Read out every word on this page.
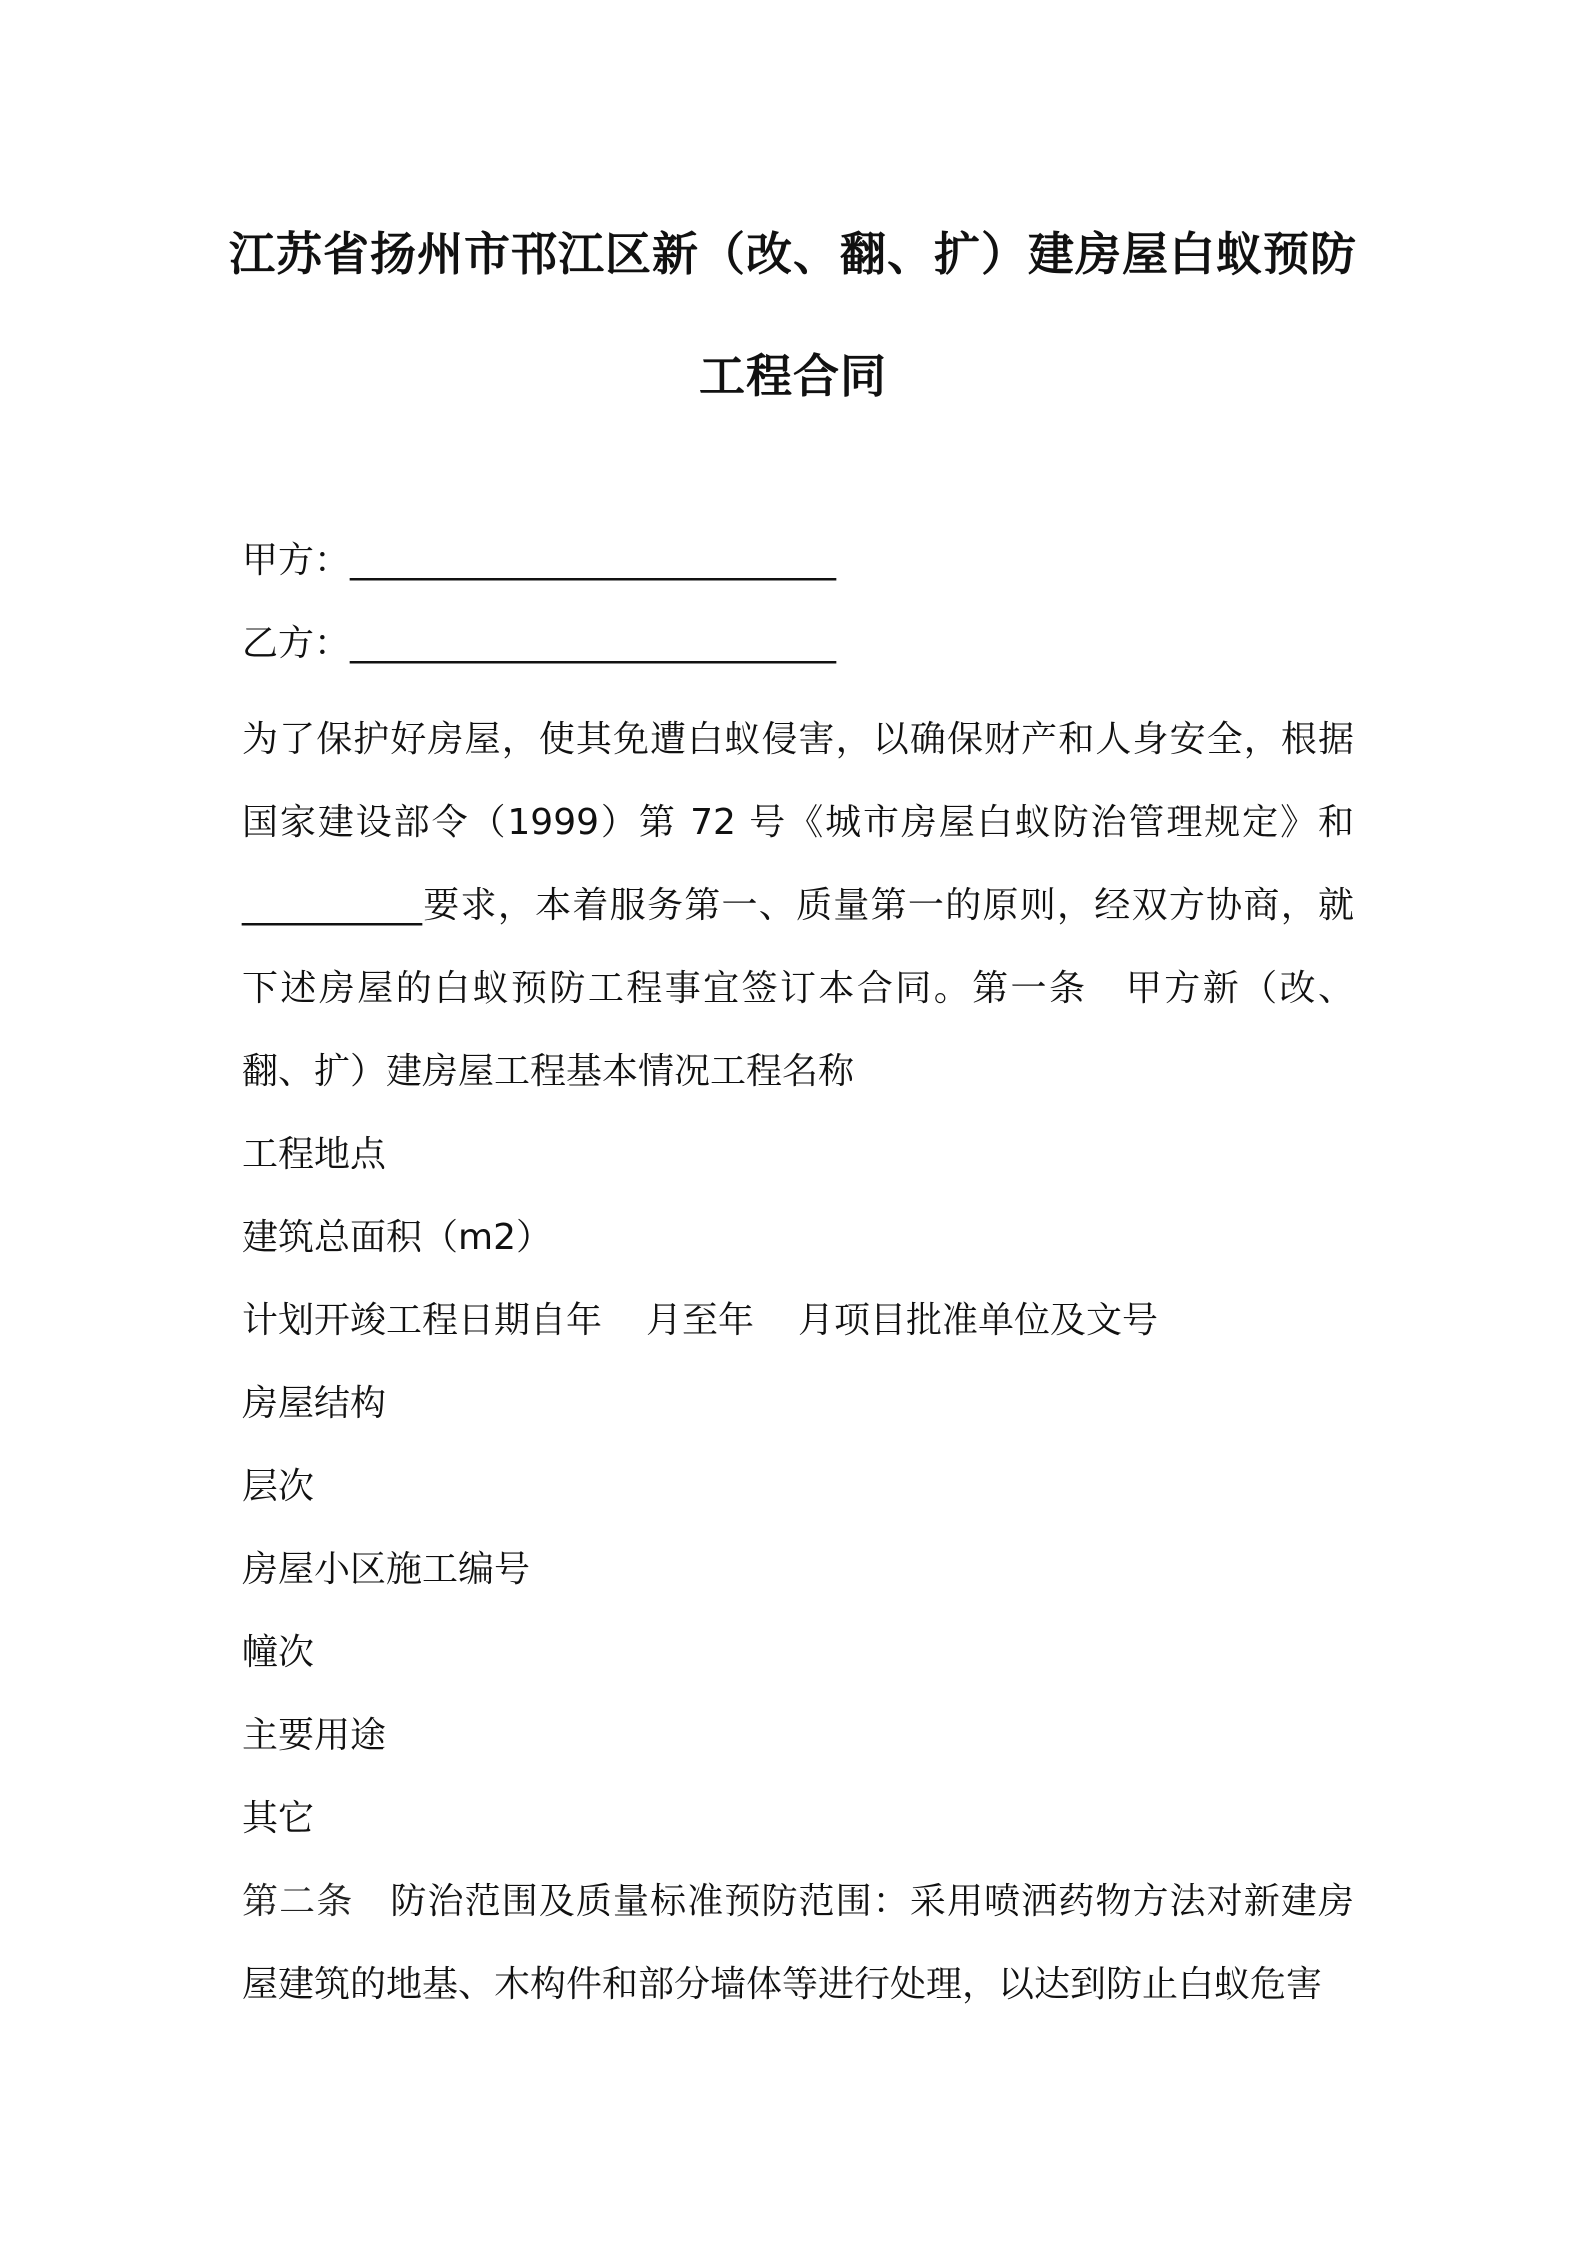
江苏省扬州市邗江区新（改、翻、扩）建房屋白蚁预防
工程合同
甲方：___________________________
乙方：___________________________
为了保护好房屋，使其免遭白蚁侵害，以确保财产和人身安全，根据国家建设部令（1999）第 72 号《城市房屋白蚁防治管理规定》和__________要求，本着服务第一、质量第一的原则，经双方协商，就下述房屋的白蚁预防工程事宜签订本合同。第一条　甲方新（改、翻、扩）建房屋工程基本情况工程名称
工程地点
建筑总面积（m2）
计划开竣工程日期自年 月至年 月项目批准单位及文号
房屋结构
层次
房屋小区施工编号
幢次
主要用途
其它
第二条 防治范围及质量标准预防范围：采用喷洒药物方法对新建房屋建筑的地基、木构件和部分墙体等进行处理，以达到防止白蚁危害
